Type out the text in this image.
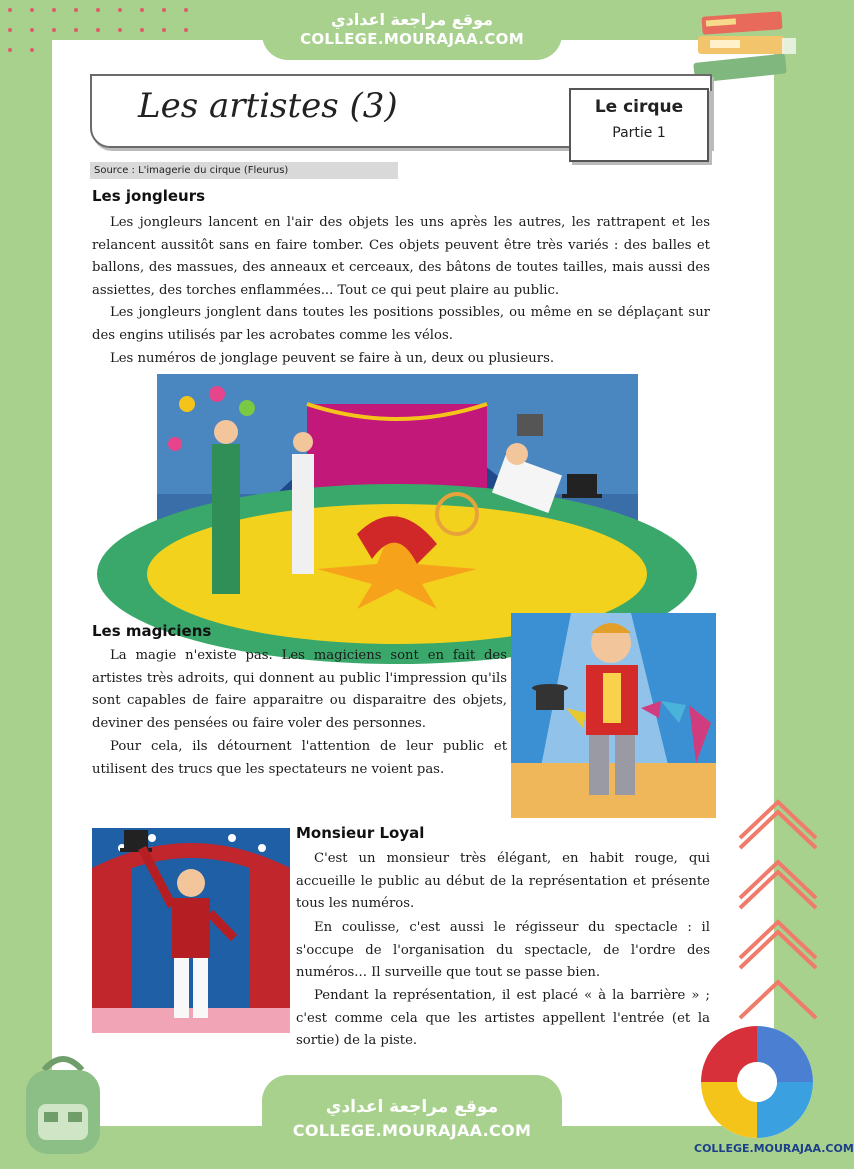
موقع مراجعة اعدادي
COLLEGE.MOURAJAA.COM
Les artistes (3)	Le cirque
Partie 1
Source : L'imagerie du cirque (Fleurus)
Les jongleurs

Les jongleurs lancent en l'air des objets les uns après les autres, les rattrapent et les relancent aussitôt sans en faire tomber. Ces objets peuvent être très variés : des balles et ballons, des massues, des anneaux et cerceaux, des bâtons de toutes tailles, mais aussi des assiettes, des torches enflammées... Tout ce qui peut plaire au public.

Les jongleurs jonglent dans toutes les positions possibles, ou même en se déplaçant sur des engins utilisés par les acrobates comme les vélos.

Les numéros de jonglage peuvent se faire à un, deux ou plusieurs.

Les magiciens

La magie n'existe pas. Les magiciens sont en fait des artistes très adroits, qui donnent au public l'impression qu'ils sont capables de faire apparaitre ou disparaitre des objets, deviner des pensées ou faire voler des personnes.

Pour cela, ils détournent l'attention de leur public et utilisent des trucs que les spectateurs ne voient pas.

Monsieur Loyal

C'est un monsieur très élégant, en habit rouge, qui accueille le public au début de la représentation et présente tous les numéros.

En coulisse, c'est aussi le régisseur du spectacle : il s'occupe de l'organisation du spectacle, de l'ordre des numéros... Il surveille que tout se passe bien.

Pendant la représentation, il est placé « à la barrière » ; c'est comme cela que les artistes appellent l'entrée (et la sortie) de la piste.

موقع مراجعة اعدادي
COLLEGE.MOURAJAA.COM
COLLEGE.MOURAJAA.COM
